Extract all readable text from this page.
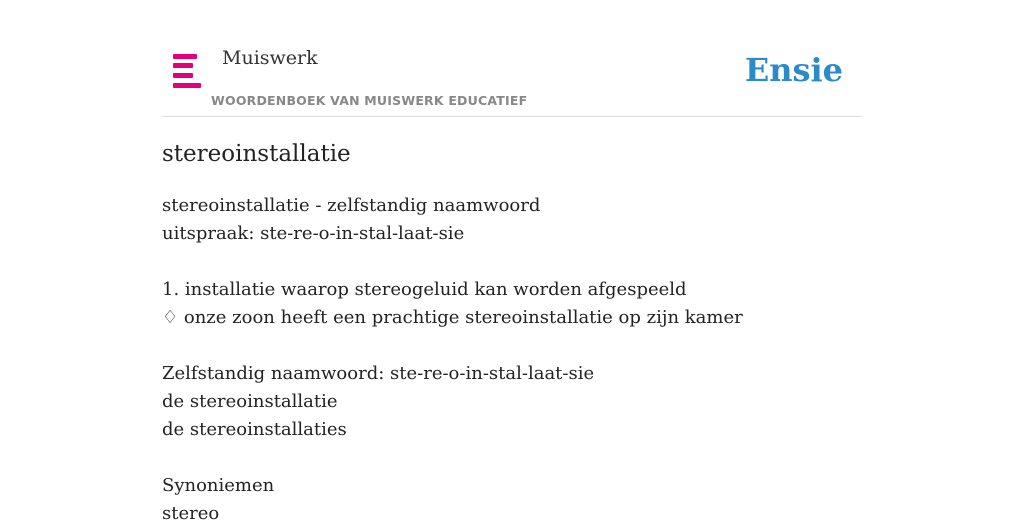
Muiswerk
WOORDENBOEK VAN MUISWERK EDUCATIEF
Ensie
stereoinstallatie
stereoinstallatie - zelfstandig naamwoord
uitspraak: ste-re-o-in-stal-laat-sie
1. installatie waarop stereogeluid kan worden afgespeeld
♢ onze zoon heeft een prachtige stereoinstallatie op zijn kamer
Zelfstandig naamwoord: ste-re-o-in-stal-laat-sie
de stereoinstallatie
de stereoinstallaties
Synoniemen
stereo
